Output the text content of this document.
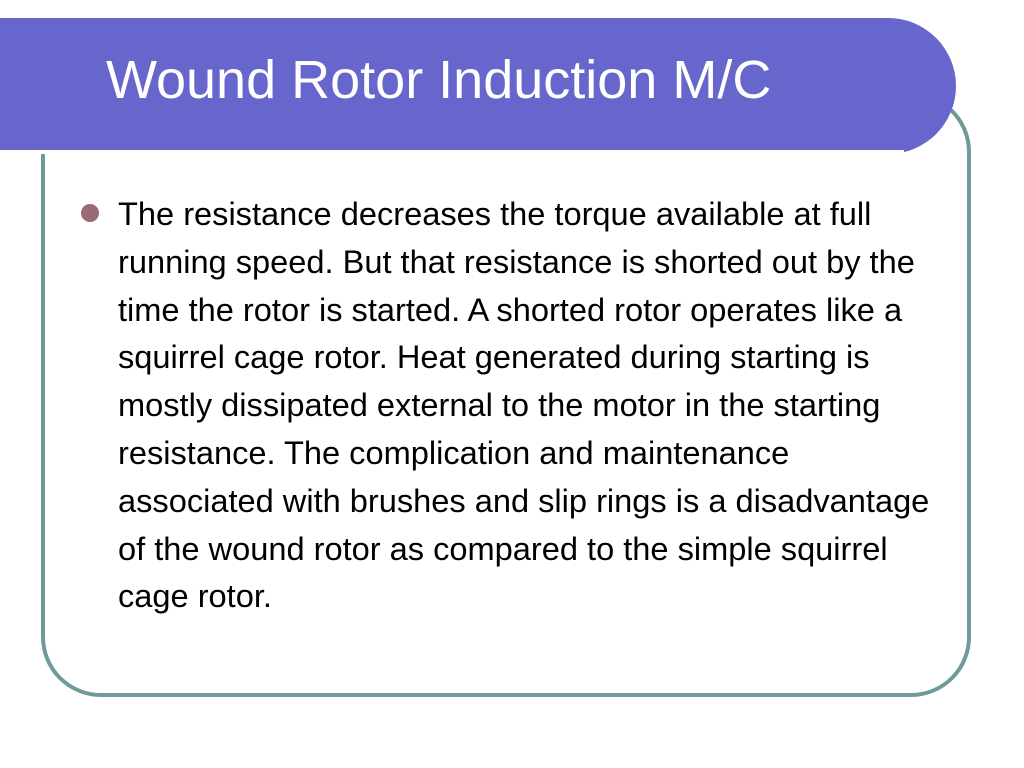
Wound Rotor Induction M/C
The resistance decreases the torque available at full running speed. But that resistance is shorted out by the time the rotor is started. A shorted rotor operates like a squirrel cage rotor. Heat generated during starting is mostly dissipated external to the motor in the starting resistance. The complication and maintenance associated with brushes and slip rings is a disadvantage of the wound rotor as compared to the simple squirrel cage rotor.
